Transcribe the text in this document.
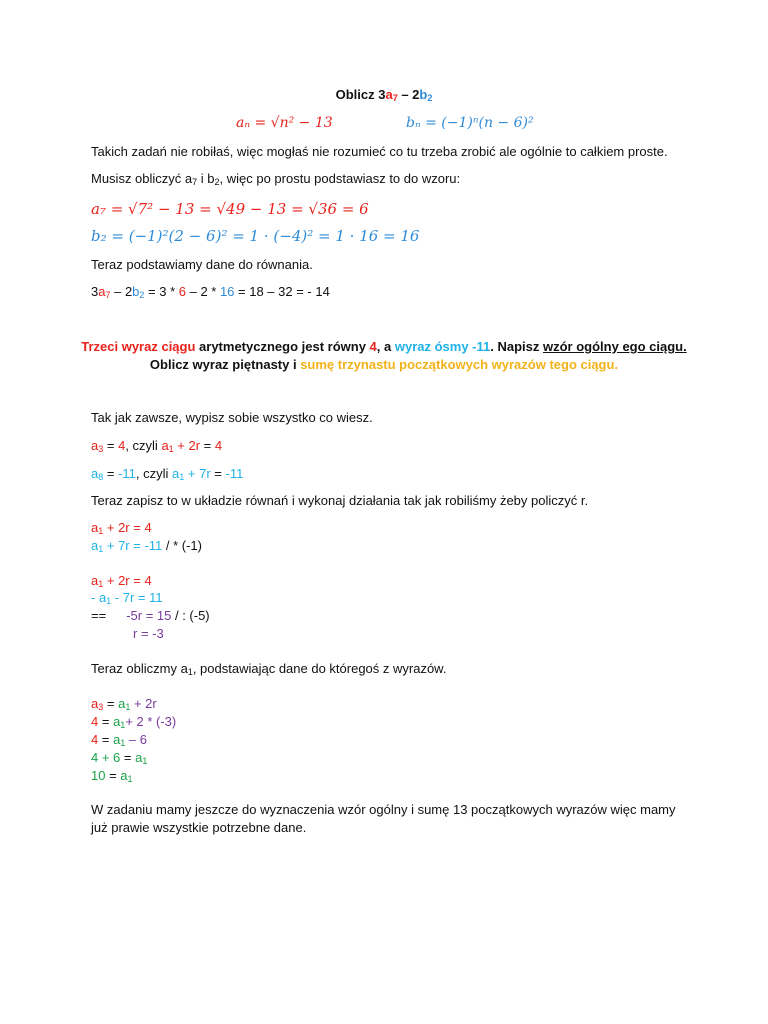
Oblicz $3a_7 - 2b_2$
aₙ = √n² − 13	bₙ = (−1)ⁿ(n − 6)²
Takich zadań nie robiłaś, więc mogłaś nie rozumieć co tu trzeba zrobić ale ogólnie to całkiem proste.
Musisz obliczyć $a_7$ i $b_2$, więc po prostu podstawiasz to do wzoru:
a₇ = √7² − 13 = √49 − 13 = √36 = 6
b₂ = (−1)²(2 − 6)² = 1 · (−4)² = 1 · 16 = 16
Teraz podstawiamy dane do równania.
$3a_7 - 2b_2 = 3 * 6 - 2 * 16 = 18 - 32$ = - 14
Trzeci wyraz ciągu arytmetycznego jest równy 4, a wyraz ósmy -11. Napisz wzór ogólny ego ciągu.
Oblicz wyraz piętnasty i sumę trzynastu początkowych wyrazów tego ciągu.
Tak jak zawsze, wypisz sobie wszystko co wiesz.
$a_3 = 4$, czyli $a_1 + 2r = 4$
$a_8 = -11$, czyli $a_1 + 7r = -11$
Teraz zapisz to w układzie równań i wykonaj działania tak jak robiliśmy żeby policzyć r.
$a_1 + 2r = 4$
$a_1 + 7r = -11$ / * (-1)
$a_1 + 2r = 4$
- $a_1 - 7r = 11$
== -5r = 15 / : (-5)
r = -3
Teraz obliczmy $a_1$, podstawiając dane do któregoś z wyrazów.
$a_3 = a_1 + 2r$
$4 = a_1+ 2 * (-3)$
$4 = a_1 - 6$
$4 + 6 = a_1$
$10 = a_1$
W zadaniu mamy jeszcze do wyznaczenia wzór ogólny i sumę 13 początkowych wyrazów więc mamy
już prawie wszystkie potrzebne dane.
